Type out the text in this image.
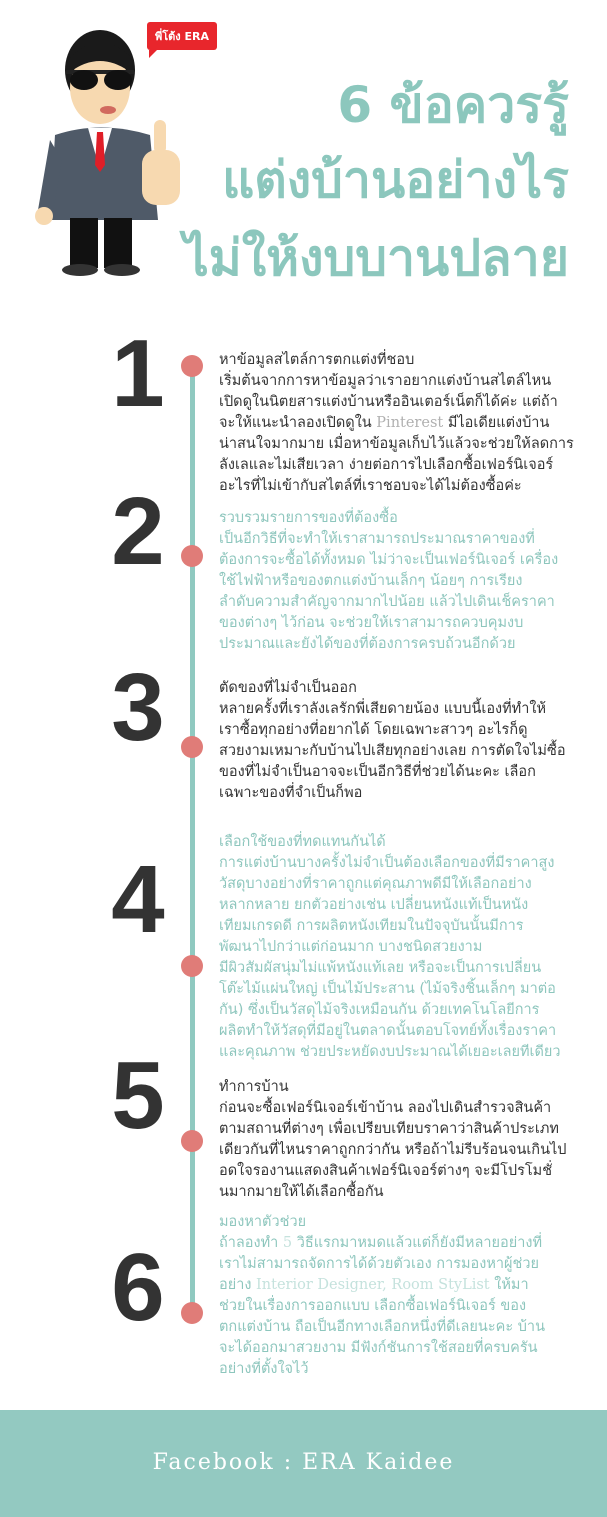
พี่โต้ง ERA
6 ข้อควรรู้
แต่งบ้านอย่างไร
ไม่ให้งบบานปลาย
1	หาข้อมูลสไตล์การตกแต่งที่ชอบ
เริ่มต้นจากการหาข้อมูลว่าเราอยากแต่งบ้านสไตล์ไหน
เปิดดูในนิตยสารแต่งบ้านหรืออินเตอร์เน็ตก็ได้ค่ะ แต่ถ้า
จะให้แนะนำลองเปิดดูใน Pinterest มีไอเดียแต่งบ้าน
น่าสนใจมากมาย เมื่อหาข้อมูลเก็บไว้แล้วจะช่วยให้ลดการ
ลังเลและไม่เสียเวลา ง่ายต่อการไปเลือกซื้อเฟอร์นิเจอร์
อะไรที่ไม่เข้ากับสไตล์ที่เราชอบจะได้ไม่ต้องซื้อค่ะ
2	รวบรวมรายการของที่ต้องซื้อ
เป็นอีกวิธีที่จะทำให้เราสามารถประมาณราคาของที่
ต้องการจะซื้อได้ทั้งหมด ไม่ว่าจะเป็นเฟอร์นิเจอร์ เครื่อง
ใช้ไฟฟ้าหรือของตกแต่งบ้านเล็กๆ น้อยๆ การเรียง
ลำดับความสำคัญจากมากไปน้อย แล้วไปเดินเช็คราคา
ของต่างๆ ไว้ก่อน จะช่วยให้เราสามารถควบคุมงบ
ประมาณและยังได้ของที่ต้องการครบถ้วนอีกด้วย
3	ตัดของที่ไม่จำเป็นออก
หลายครั้งที่เราลังเลรักพี่เสียดายน้อง แบบนี้เองที่ทำให้
เราซื้อทุกอย่างที่อยากได้ โดยเฉพาะสาวๆ อะไรก็ดู
สวยงามเหมาะกับบ้านไปเสียทุกอย่างเลย การตัดใจไม่ซื้อ
ของที่ไม่จำเป็นอาจจะเป็นอีกวิธีที่ช่วยได้นะคะ เลือก
เฉพาะของที่จำเป็นก็พอ
4
เลือกใช้ของที่ทดแทนกันได้
การแต่งบ้านบางครั้งไม่จำเป็นต้องเลือกของที่มีราคาสูง
วัสดุบางอย่างที่ราคาถูกแต่คุณภาพดีมีให้เลือกอย่าง
หลากหลาย ยกตัวอย่างเช่น เปลี่ยนหนังแท้เป็นหนัง
เทียมเกรดดี การผลิตหนังเทียมในปัจจุบันนั้นมีการ
พัฒนาไปกว่าแต่ก่อนมาก บางชนิดสวยงาม
มีผิวสัมผัสนุ่มไม่แพ้หนังแท้เลย หรือจะเป็นการเปลี่ยน
โต๊ะไม้แผ่นใหญ่ เป็นไม้ประสาน (ไม้จริงชิ้นเล็กๆ มาต่อ
กัน) ซึ่งเป็นวัสดุไม้จริงเหมือนกัน ด้วยเทคโนโลยีการ
ผลิตทำให้วัสดุที่มีอยู่ในตลาดนั้นตอบโจทย์ทั้งเรื่องราคา
และคุณภาพ ช่วยประหยัดงบประมาณได้เยอะเลยทีเดียว
5	ทำการบ้าน
ก่อนจะซื้อเฟอร์นิเจอร์เข้าบ้าน ลองไปเดินสำรวจสินค้า
ตามสถานที่ต่างๆ เพื่อเปรียบเทียบราคาว่าสินค้าประเภท
เดียวกันที่ไหนราคาถูกกว่ากัน หรือถ้าไม่รีบร้อนจนเกินไป
อดใจรองานแสดงสินค้าเฟอร์นิเจอร์ต่างๆ จะมีโปรโมชั่
นมากมายให้ได้เลือกซื้อกัน
6
มองหาตัวช่วย
ถ้าลองทำ 5 วิธีแรกมาหมดแล้วแต่ก็ยังมีหลายอย่างที่
เราไม่สามารถจัดการได้ด้วยตัวเอง การมองหาผู้ช่วย
อย่าง Interior Designer, Room StyList ให้มา
ช่วยในเรื่องการออกแบบ เลือกซื้อเฟอร์นิเจอร์ ของ
ตกแต่งบ้าน ถือเป็นอีกทางเลือกหนึ่งที่ดีเลยนะคะ บ้าน
จะได้ออกมาสวยงาม มีฟังก์ชันการใช้สอยที่ครบครัน
อย่างที่ตั้งใจไว้
Facebook : ERA Kaidee
